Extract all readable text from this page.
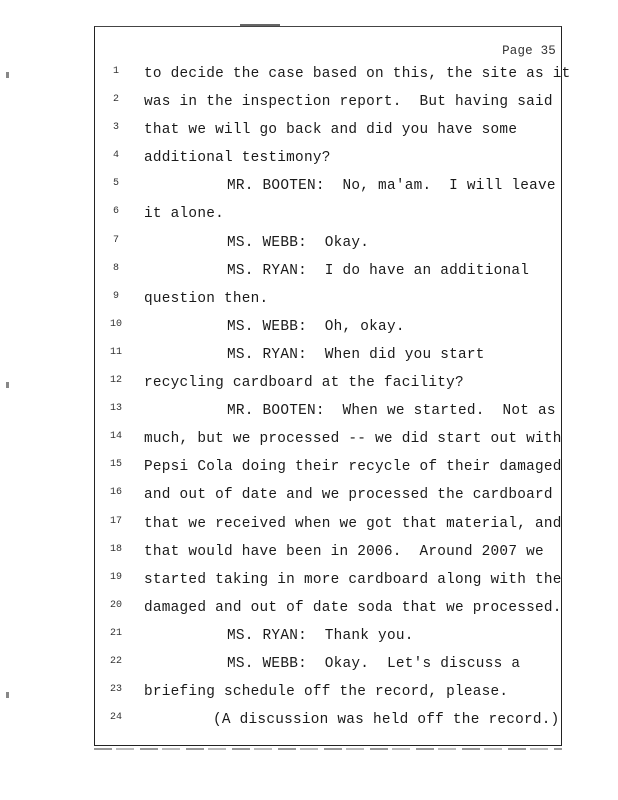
Page 35
1	to decide the case based on this, the site as it
2	was in the inspection report.  But having said
3	that we will go back and did you have some
4	additional testimony?
5	MR. BOOTEN:  No, ma'am.  I will leave
6	it alone.
7	MS. WEBB:  Okay.
8	MS. RYAN:  I do have an additional
9	question then.
10	MS. WEBB:  Oh, okay.
11	MS. RYAN:  When did you start
12	recycling cardboard at the facility?
13	MR. BOOTEN:  When we started.  Not as
14	much, but we processed -- we did start out with
15	Pepsi Cola doing their recycle of their damaged
16	and out of date and we processed the cardboard
17	that we received when we got that material, and
18	that would have been in 2006.  Around 2007 we
19	started taking in more cardboard along with the
20	damaged and out of date soda that we processed.
21	MS. RYAN:  Thank you.
22	MS. WEBB:  Okay.  Let's discuss a
23	briefing schedule off the record, please.
24	(A discussion was held off the record.)
